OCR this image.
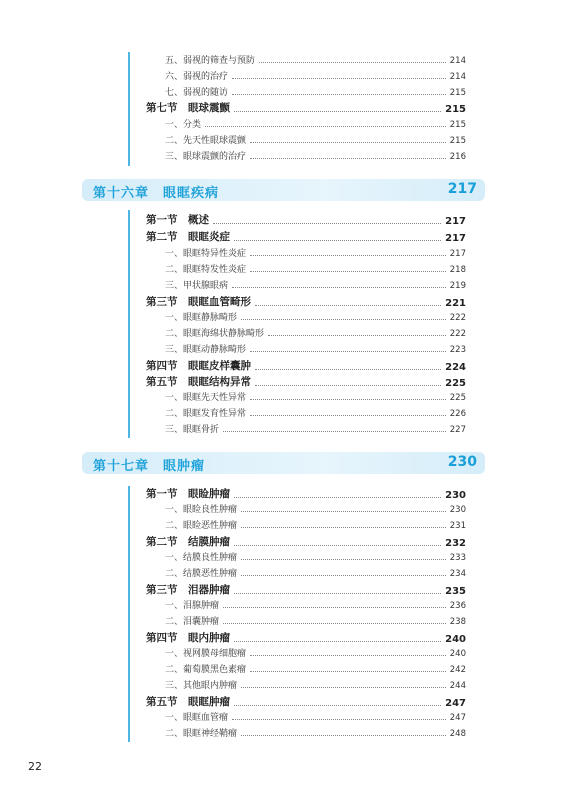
五、弱视的筛查与预防	214
六、弱视的治疗	214
七、弱视的随访	215
第七节　眼球震颤	215
一、分类	215
二、先天性眼球震颤	215
三、眼球震颤的治疗	216
第十六章　眼眶疾病	217
第一节　概述	217
第二节　眼眶炎症	217
一、眼眶特异性炎症	217
二、眼眶特发性炎症	218
三、甲状腺眼病	219
第三节　眼眶血管畸形	221
一、眼眶静脉畸形	222
二、眼眶海绵状静脉畸形	222
三、眼眶动静脉畸形	223
第四节　眼眶皮样囊肿	224
第五节　眼眶结构异常	225
一、眼眶先天性异常	225
二、眼眶发育性异常	226
三、眼眶骨折	227
第十七章　眼肿瘤	230
第一节　眼睑肿瘤	230
一、眼睑良性肿瘤	230
二、眼睑恶性肿瘤	231
第二节　结膜肿瘤	232
一、结膜良性肿瘤	233
二、结膜恶性肿瘤	234
第三节　泪器肿瘤	235
一、泪腺肿瘤	236
二、泪囊肿瘤	238
第四节　眼内肿瘤	240
一、视网膜母细胞瘤	240
二、葡萄膜黑色素瘤	242
三、其他眼内肿瘤	244
第五节　眼眶肿瘤	247
一、眼眶血管瘤	247
二、眼眶神经鞘瘤	248
22
